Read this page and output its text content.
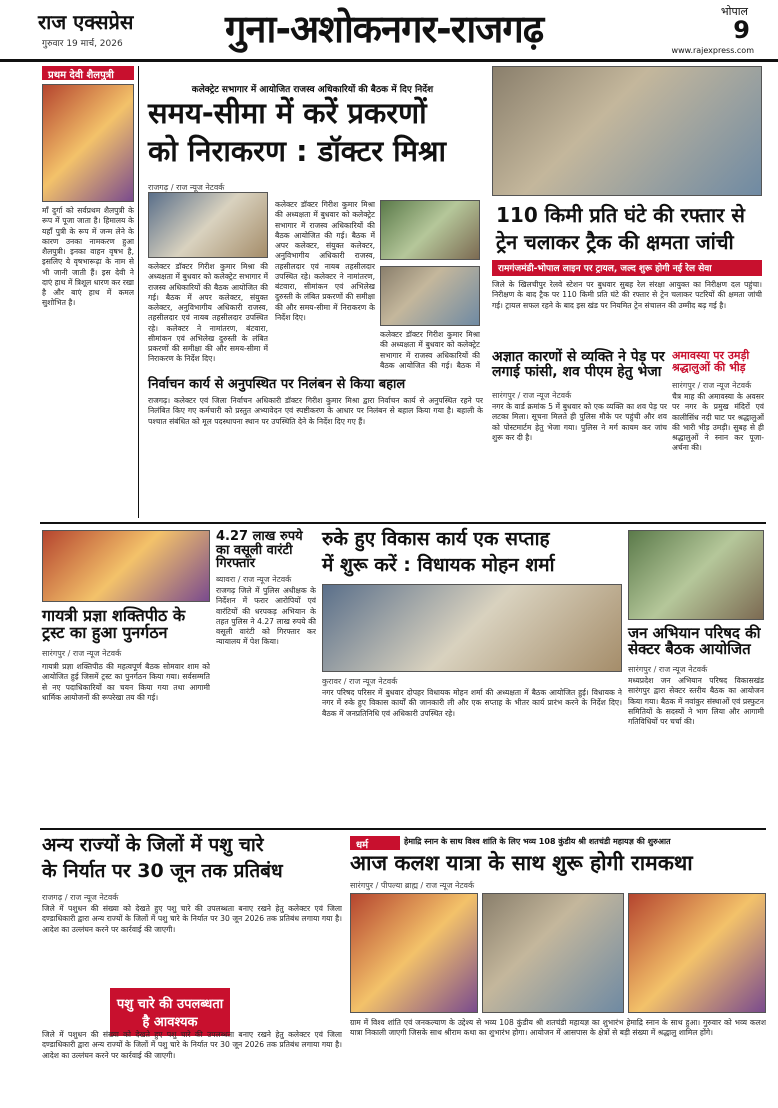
राज एक्सप्रेस
गुरुवार 19 मार्च, 2026	गुना-अशोकनगर-राजगढ़	भोपाल
9
www.rajexpress.com
प्रथम देवी शैलपुत्री
माँ दुर्गा को सर्वप्रथम शैलपुत्री के रूप में पूजा जाता है। हिमालय के यहाँ पुत्री के रूप में जन्म लेने के कारण उनका नामकरण हुआ शैलपुत्री। इनका वाहन वृषभ है, इसलिए ये वृषभारूढ़ा के नाम से भी जानी जाती हैं। इस देवी ने दाएं हाथ में त्रिशूल धारण कर रखा है और बाएं हाथ में कमल सुशोभित है।
कलेक्ट्रेट सभागार में आयोजित राजस्व अधिकारियों की बैठक में दिए निर्देश
समय-सीमा में करें प्रकरणों
को निराकरण : डॉक्टर मिश्रा
राजगढ़ / राज न्यूज नेटवर्क
कलेक्टर डॉक्टर गिरीश कुमार मिश्रा की अध्यक्षता में बुधवार को कलेक्ट्रेट सभागार में राजस्व अधिकारियों की बैठक आयोजित की गई। बैठक में अपर कलेक्टर, संयुक्त कलेक्टर, अनुविभागीय अधिकारी राजस्व, तहसीलदार एवं नायब तहसीलदार उपस्थित रहे। कलेक्टर ने नामांतरण, बंटवारा, सीमांकन एवं अभिलेख दुरुस्ती के लंबित प्रकरणों की समीक्षा की और समय-सीमा में निराकरण के निर्देश दिए।
कलेक्टर डॉक्टर गिरीश कुमार मिश्रा की अध्यक्षता में बुधवार को कलेक्ट्रेट सभागार में राजस्व अधिकारियों की बैठक आयोजित की गई। बैठक में अपर कलेक्टर, संयुक्त कलेक्टर, अनुविभागीय अधिकारी राजस्व, तहसीलदार एवं नायब तहसीलदार उपस्थित रहे। कलेक्टर ने नामांतरण, बंटवारा, सीमांकन एवं अभिलेख दुरुस्ती के लंबित प्रकरणों की समीक्षा की और समय-सीमा में निराकरण के निर्देश दिए।
कलेक्टर डॉक्टर गिरीश कुमार मिश्रा की अध्यक्षता में बुधवार को कलेक्ट्रेट सभागार में राजस्व अधिकारियों की बैठक आयोजित की गई। बैठक में
निर्वाचन कार्य से अनुपस्थित पर निलंबन से किया बहाल
राजगढ़। कलेक्टर एवं जिला निर्वाचन अधिकारी डॉक्टर गिरीश कुमार मिश्रा द्वारा निर्वाचन कार्य से अनुपस्थित रहने पर निलंबित किए गए कर्मचारी को प्रस्तुत अभ्यावेदन एवं स्पष्टीकरण के आधार पर निलंबन से बहाल किया गया है। बहाली के पश्चात संबंधित को मूल पदस्थापना स्थान पर उपस्थिति देने के निर्देश दिए गए हैं।
110 किमी प्रति घंटे की रफ्तार से
ट्रेन चलाकर ट्रैक की क्षमता जांची
रामगंजमंडी-भोपाल लाइन पर ट्रायल, जल्द शुरू होगी नई रेल सेवा
जिले के खिलचीपुर रेलवे स्टेशन पर बुधवार सुबह रेल संरक्षा आयुक्त का निरीक्षण दल पहुंचा। निरीक्षण के बाद ट्रैक पर 110 किमी प्रति घंटे की रफ्तार से ट्रेन चलाकर पटरियों की क्षमता जांची गई। ट्रायल सफल रहने के बाद इस खंड पर नियमित ट्रेन संचालन की उम्मीद बढ़ गई है।
अज्ञात कारणों से व्यक्ति ने पेड़ पर लगाई फांसी, शव पीएम हेतु भेजा
सारंगपुर / राज न्यूज नेटवर्क
नगर के वार्ड क्रमांक 5 में बुधवार को एक व्यक्ति का शव पेड़ पर लटका मिला। सूचना मिलते ही पुलिस मौके पर पहुंची और शव को पोस्टमार्टम हेतु भेजा गया। पुलिस ने मर्ग कायम कर जांच शुरू कर दी है।
अमावस्या पर उमड़ी श्रद्धालुओं की भीड़
सारंगपुर / राज न्यूज नेटवर्क
चैत्र माह की अमावस्या के अवसर पर नगर के प्रमुख मंदिरों एवं कालीसिंध नदी घाट पर श्रद्धालुओं की भारी भीड़ उमड़ी। सुबह से ही श्रद्धालुओं ने स्नान कर पूजा-अर्चना की।
गायत्री प्रज्ञा शक्तिपीठ के ट्रस्ट का हुआ पुनर्गठन
सारंगपुर / राज न्यूज नेटवर्क
गायत्री प्रज्ञा शक्तिपीठ की महत्वपूर्ण बैठक सोमवार शाम को आयोजित हुई जिसमें ट्रस्ट का पुनर्गठन किया गया। सर्वसम्मति से नए पदाधिकारियों का चयन किया गया तथा आगामी धार्मिक आयोजनों की रूपरेखा तय की गई।
4.27 लाख रुपये का वसूली वारंटी गिरफ्तार
ब्यावरा / राज न्यूज नेटवर्क
राजगढ़ जिले में पुलिस अधीक्षक के निर्देशन में फरार आरोपियों एवं वारंटियों की धरपकड़ अभियान के तहत पुलिस ने 4.27 लाख रुपये की वसूली वारंटी को गिरफ्तार कर न्यायालय में पेश किया।
रुके हुए विकास कार्य एक सप्ताह
में शुरू करें : विधायक मोहन शर्मा
कुरावर / राज न्यूज नेटवर्क
नगर परिषद परिसर में बुधवार दोपहर विधायक मोहन शर्मा की अध्यक्षता में बैठक आयोजित हुई। विधायक ने नगर में रुके हुए विकास कार्यों की जानकारी ली और एक सप्ताह के भीतर कार्य प्रारंभ करने के निर्देश दिए। बैठक में जनप्रतिनिधि एवं अधिकारी उपस्थित रहे।
जन अभियान परिषद की सेक्टर बैठक आयोजित
सारंगपुर / राज न्यूज नेटवर्क
मध्यप्रदेश जन अभियान परिषद विकासखंड सारंगपुर द्वारा सेक्टर स्तरीय बैठक का आयोजन किया गया। बैठक में नवांकुर संस्थाओं एवं प्रस्फुटन समितियों के सदस्यों ने भाग लिया और आगामी गतिविधियों पर चर्चा की।
अन्य राज्यों के जिलों में पशु चारे
के निर्यात पर 30 जून तक प्रतिबंध
राजगढ़ / राज न्यूज नेटवर्क
जिले में पशुधन की संख्या को देखते हुए पशु चारे की उपलब्धता बनाए रखने हेतु कलेक्टर एवं जिला दण्डाधिकारी द्वारा अन्य राज्यों के जिलों में पशु चारे के निर्यात पर 30 जून 2026 तक प्रतिबंध लगाया गया है। आदेश का उल्लंघन करने पर कार्रवाई की जाएगी।
पशु चारे की उपलब्धता है आवश्यक
जिले में पशुधन की संख्या को देखते हुए पशु चारे की उपलब्धता बनाए रखने हेतु कलेक्टर एवं जिला दण्डाधिकारी द्वारा अन्य राज्यों के जिलों में पशु चारे के निर्यात पर 30 जून 2026 तक प्रतिबंध लगाया गया है। आदेश का उल्लंघन करने पर कार्रवाई की जाएगी।
धर्म	हेमाद्रि स्नान के साथ विश्व शांति के लिए भव्य 108 कुंडीय श्री शतचंडी महायज्ञ की शुरुआत
आज कलश यात्रा के साथ शुरू होगी रामकथा
सारंगपुर / पीपल्या ब्राह्म / राज न्यूज नेटवर्क
ग्राम में विश्व शांति एवं जनकल्याण के उद्देश्य से भव्य 108 कुंडीय श्री शतचंडी महायज्ञ का शुभारंभ हेमाद्रि स्नान के साथ हुआ। गुरुवार को भव्य कलश यात्रा निकाली जाएगी जिसके साथ श्रीराम कथा का शुभारंभ होगा। आयोजन में आसपास के क्षेत्रों से बड़ी संख्या में श्रद्धालु शामिल होंगे।
